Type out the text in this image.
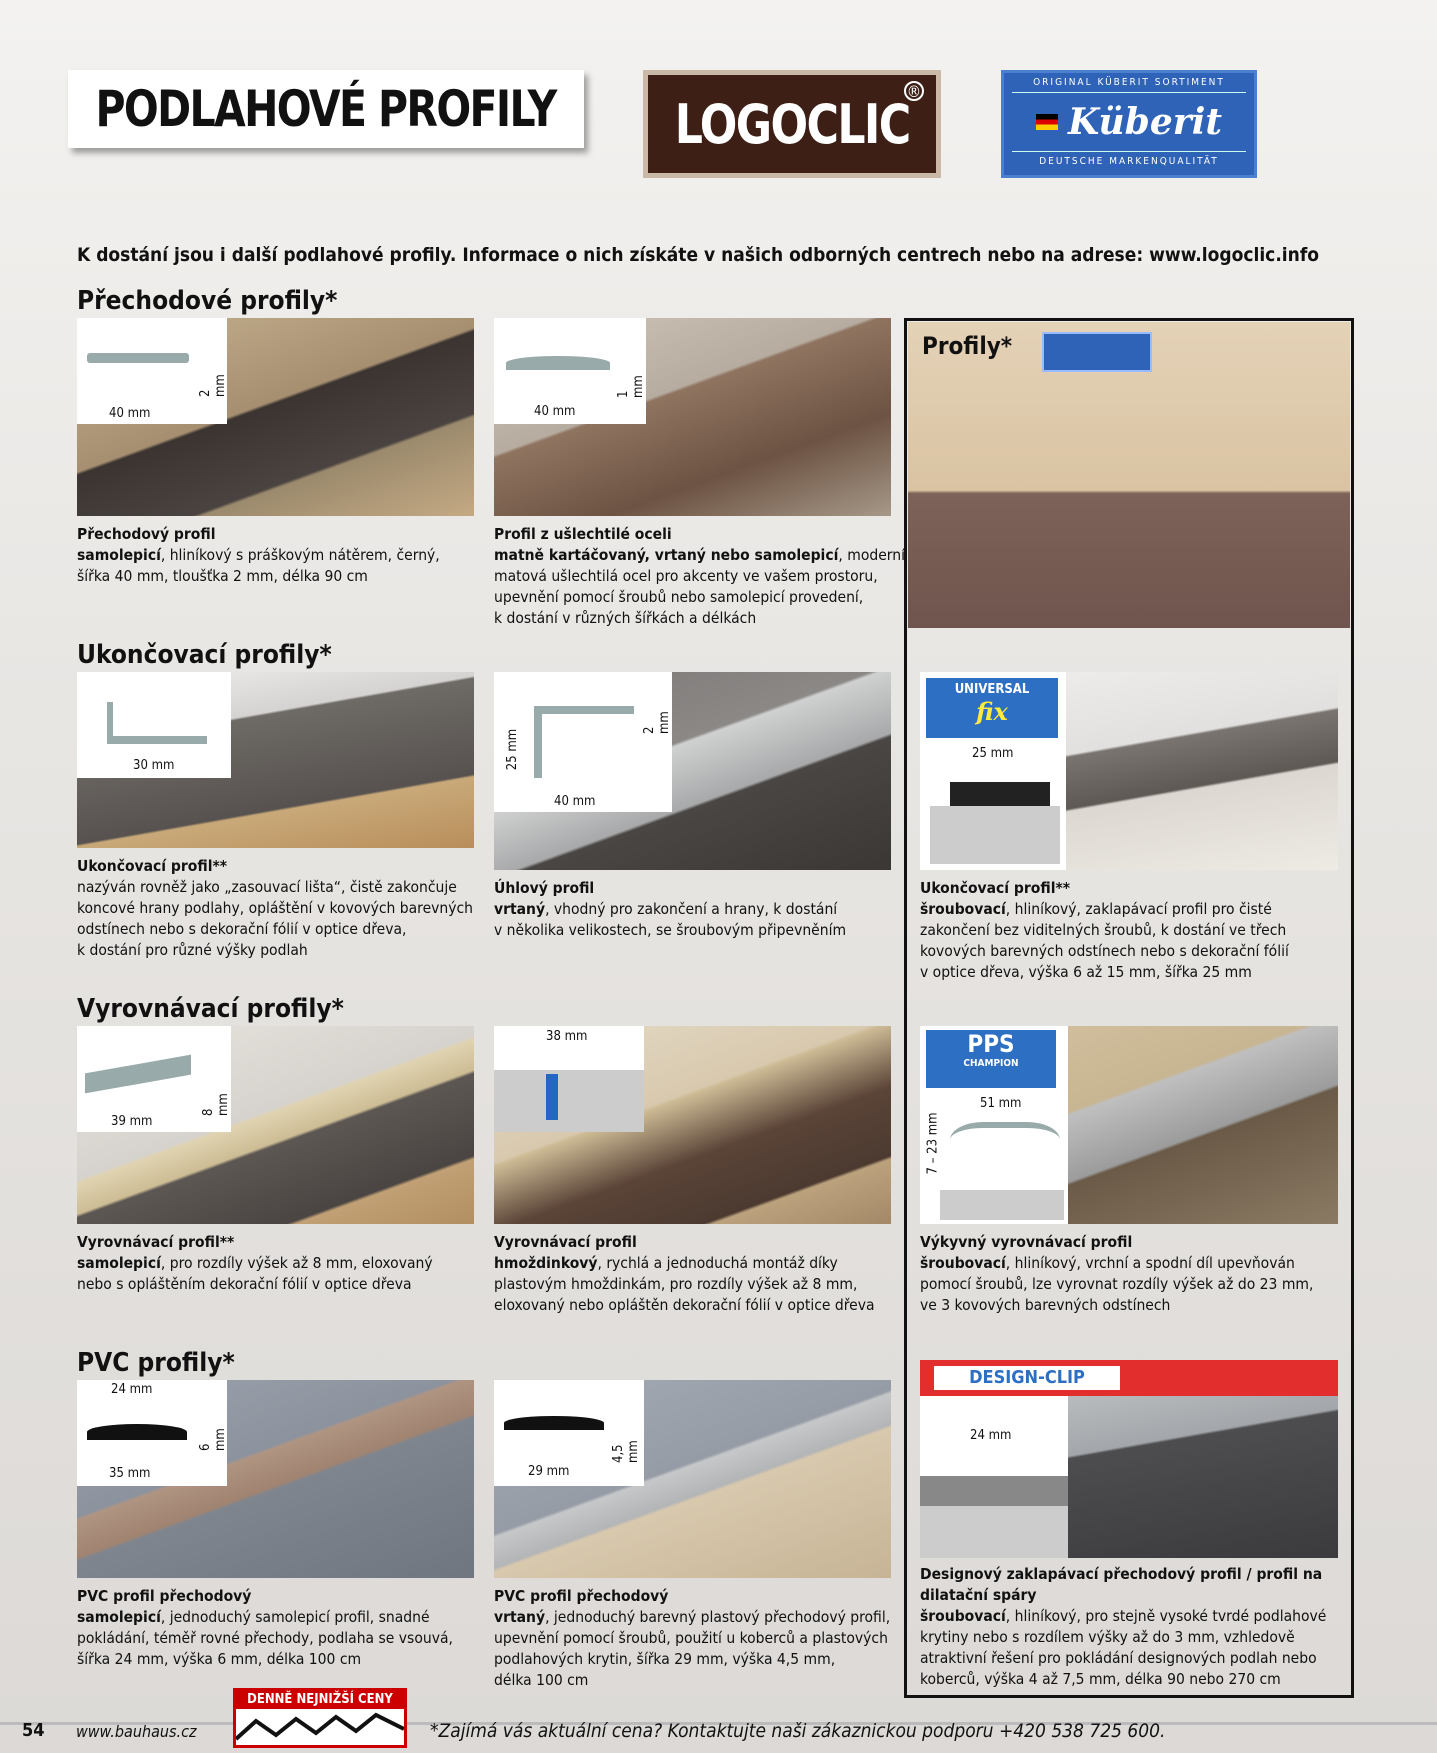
PODLAHOVÉ PROFILY LOGOCLIC
®	ORIGINAL KÜBERIT SORTIMENT
Küberit
DEUTSCHE MARKENQUALITÄT
K dostání jsou i další podlahové profily. Informace o nich získáte v našich odborných centrech nebo na adrese: www.logoclic.info
Přechodové profily*
Ukončovací profily*
Vyrovnávací profily*
PVC profily*
Profily*
40 mm
2 mm
40 mm
1 mm
30 mm	25 mm
40 mm
2 mm
UNIVERSAL
fix
25 mm
39 mm
8 mm
38 mm	PPS
CHAMPION
51 mm
7 – 23 mm
24 mm
35 mm
6 mm
29 mm
4,5 mm
DESIGN-CLIP
24 mm
Přechodový profil
samolepicí, hliníkový s práškovým nátěrem, černý,
šířka 40 mm, tloušťka 2 mm, délka 90 cm
Profil z ušlechtilé oceli
matně kartáčovaný, vrtaný nebo samolepicí, moderní
matová ušlechtilá ocel pro akcenty ve vašem prostoru,
upevnění pomocí šroubů nebo samolepicí provedení,
k dostání v různých šířkách a délkách
Ukončovací profil**
nazýván rovněž jako „zasouvací lišta“, čistě zakončuje
koncové hrany podlahy, opláštění v kovových barevných
odstínech nebo s dekorační fólií v optice dřeva,
k dostání pro různé výšky podlah
Úhlový profil
vrtaný, vhodný pro zakončení a hrany, k dostání
v několika velikostech, se šroubovým připevněním
Ukončovací profil**
šroubovací, hliníkový, zaklapávací profil pro čisté
zakončení bez viditelných šroubů, k dostání ve třech
kovových barevných odstínech nebo s dekorační fólií
v optice dřeva, výška 6 až 15 mm, šířka 25 mm
Vyrovnávací profil**
samolepicí, pro rozdíly výšek až 8 mm, eloxovaný
nebo s opláštěním dekorační fólií v optice dřeva
Vyrovnávací profil
hmoždinkový, rychlá a jednoduchá montáž díky
plastovým hmoždinkám, pro rozdíly výšek až 8 mm,
eloxovaný nebo opláštěn dekorační fólií v optice dřeva
Výkyvný vyrovnávací profil
šroubovací, hliníkový, vrchní a spodní díl upevňován
pomocí šroubů, lze vyrovnat rozdíly výšek až do 23 mm,
ve 3 kovových barevných odstínech
PVC profil přechodový
samolepicí, jednoduchý samolepicí profil, snadné
pokládání, téměř rovné přechody, podlaha se vsouvá,
šířka 24 mm, výška 6 mm, délka 100 cm
PVC profil přechodový
vrtaný, jednoduchý barevný plastový přechodový profil,
upevnění pomocí šroubů, použití u koberců a plastových
podlahových krytin, šířka 29 mm, výška 4,5 mm,
délka 100 cm
Designový zaklapávací přechodový profil / profil na
dilatační spáry
šroubovací, hliníkový, pro stejně vysoké tvrdé podlahové
krytiny nebo s rozdílem výšky až do 3 mm, vzhledově
atraktivní řešení pro pokládání designových podlah nebo
koberců, výška 4 až 7,5 mm, délka 90 nebo 270 cm
54 www.bauhaus.cz
DENNĚ NEJNIŽŠÍ CENY
*Zajímá vás aktuální cena? Kontaktujte naši zákaznickou podporu +420 538 725 600.
